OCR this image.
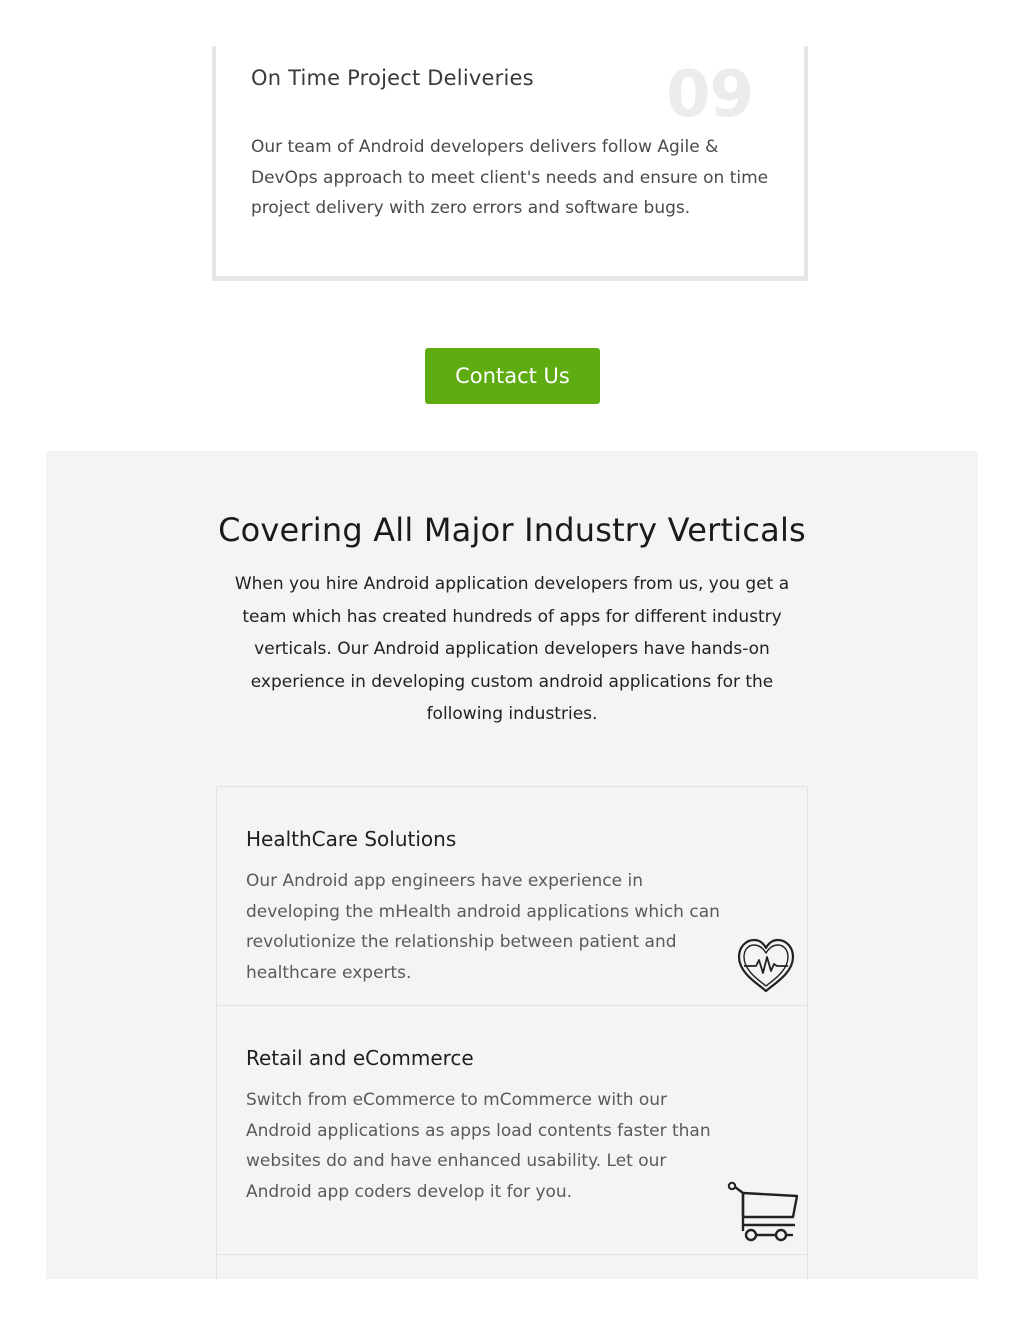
On Time Project Deliveries 09
Our team of Android developers delivers follow Agile & DevOps approach to meet client's needs and ensure on time project delivery with zero errors and software bugs.
Contact Us
Covering All Major Industry Verticals

When you hire Android application developers from us, you get a team which has created hundreds of apps for different industry verticals. Our Android application developers have hands-on experience in developing custom android applications for the following industries.

HealthCare Solutions
Our Android app engineers have experience in developing the mHealth android applications which can revolutionize the relationship between patient and healthcare experts.
Retail and eCommerce
Switch from eCommerce to mCommerce with our Android applications as apps load contents faster than websites do and have enhanced usability. Let our Android app coders develop it for you.
